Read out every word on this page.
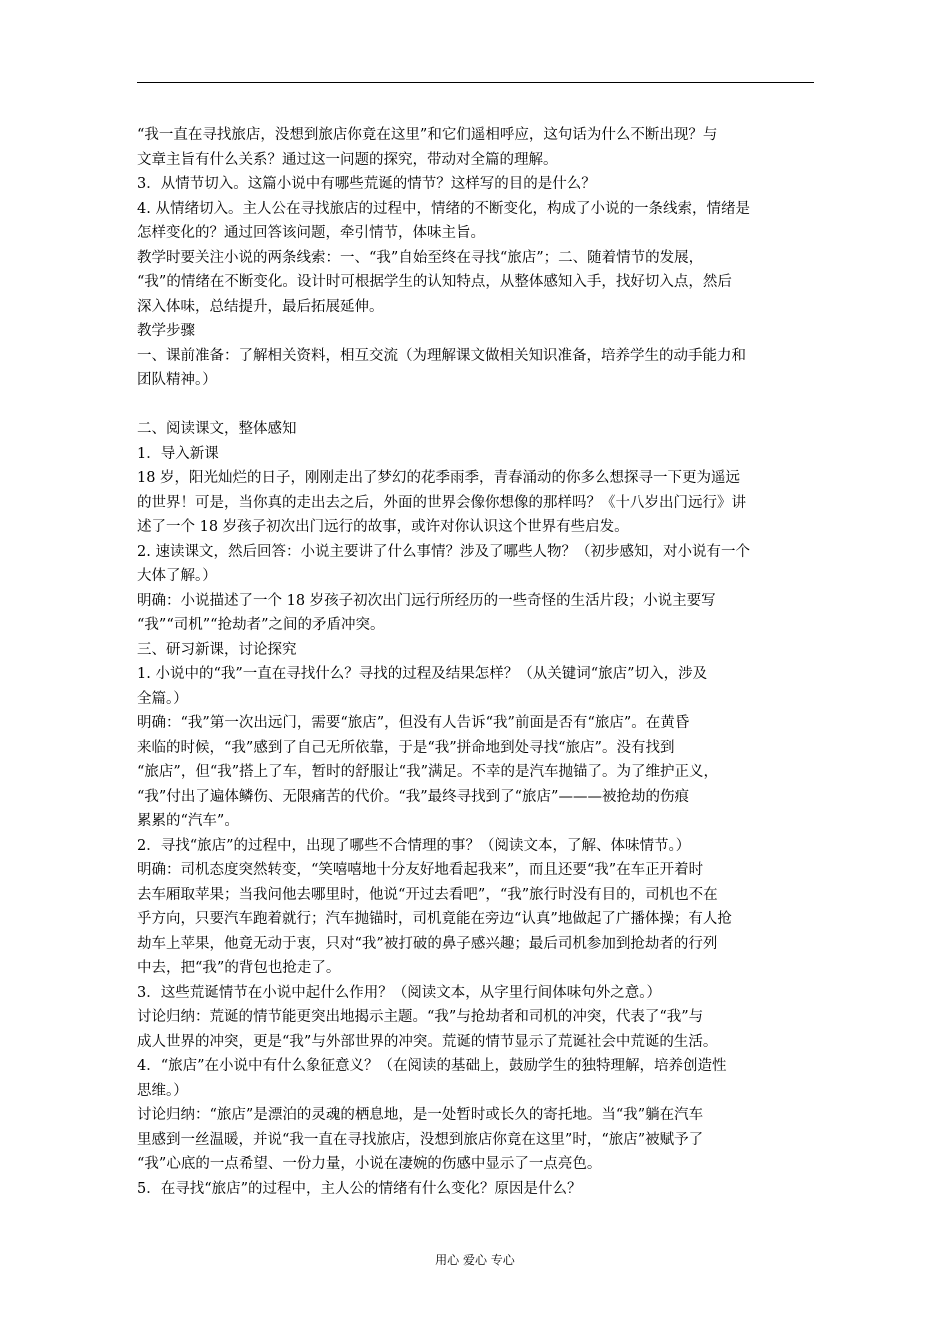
“我一直在寻找旅店，没想到旅店你竟在这里”和它们遥相呼应，这句话为什么不断出现？与
文章主旨有什么关系？通过这一问题的探究，带动对全篇的理解。
3．从情节切入。这篇小说中有哪些荒诞的情节？这样写的目的是什么？
4. 从情绪切入。主人公在寻找旅店的过程中，情绪的不断变化，构成了小说的一条线索，情绪是
怎样变化的？通过回答该问题，牵引情节，体味主旨。
教学时要关注小说的两条线索：一、“我”自始至终在寻找“旅店”；二、随着情节的发展，
“我”的情绪在不断变化。设计时可根据学生的认知特点，从整体感知入手，找好切入点，然后
深入体味，总结提升，最后拓展延伸。
教学步骤
一、课前准备：了解相关资料，相互交流（为理解课文做相关知识准备，培养学生的动手能力和
团队精神。）
二、阅读课文，整体感知
1．导入新课
18 岁，阳光灿烂的日子，刚刚走出了梦幻的花季雨季，青春涌动的你多么想探寻一下更为遥远
的世界！可是，当你真的走出去之后，外面的世界会像你想像的那样吗？《十八岁出门远行》讲
述了一个 18 岁孩子初次出门远行的故事，或许对你认识这个世界有些启发。
2. 速读课文，然后回答：小说主要讲了什么事情？涉及了哪些人物？（初步感知，对小说有一个
大体了解。）
明确：小说描述了一个 18 岁孩子初次出门远行所经历的一些奇怪的生活片段；小说主要写
“我”“司机”“抢劫者”之间的矛盾冲突。
三、研习新课，讨论探究
1. 小说中的“我”一直在寻找什么？寻找的过程及结果怎样？（从关键词“旅店”切入，涉及
全篇。）
明确：“我”第一次出远门，需要“旅店”，但没有人告诉“我”前面是否有“旅店”。在黄昏
来临的时候，“我”感到了自己无所依靠，于是“我”拼命地到处寻找“旅店”。没有找到
“旅店”，但“我”搭上了车，暂时的舒服让“我”满足。不幸的是汽车抛锚了。为了维护正义，
“我”付出了遍体鳞伤、无限痛苦的代价。“我”最终寻找到了“旅店”———被抢劫的伤痕
累累的“汽车”。
2．寻找“旅店”的过程中，出现了哪些不合情理的事？（阅读文本，了解、体味情节。）
明确：司机态度突然转变，“笑嘻嘻地十分友好地看起我来”，而且还要“我”在车正开着时
去车厢取苹果；当我问他去哪里时，他说“开过去看吧”，“我”旅行时没有目的，司机也不在
乎方向，只要汽车跑着就行；汽车抛锚时，司机竟能在旁边“认真”地做起了广播体操；有人抢
劫车上苹果，他竟无动于衷，只对“我”被打破的鼻子感兴趣；最后司机参加到抢劫者的行列
中去，把“我”的背包也抢走了。
3．这些荒诞情节在小说中起什么作用？（阅读文本，从字里行间体味句外之意。）
讨论归纳：荒诞的情节能更突出地揭示主题。“我”与抢劫者和司机的冲突，代表了“我”与
成人世界的冲突，更是“我”与外部世界的冲突。荒诞的情节显示了荒诞社会中荒诞的生活。
4．“旅店”在小说中有什么象征意义？（在阅读的基础上，鼓励学生的独特理解，培养创造性
思维。）
讨论归纳：“旅店”是漂泊的灵魂的栖息地，是一处暂时或长久的寄托地。当“我”躺在汽车
里感到一丝温暖，并说“我一直在寻找旅店，没想到旅店你竟在这里”时，“旅店”被赋予了
“我”心底的一点希望、一份力量，小说在凄婉的伤感中显示了一点亮色。
5．在寻找“旅店”的过程中，主人公的情绪有什么变化？原因是什么？
用心 爱心 专心
